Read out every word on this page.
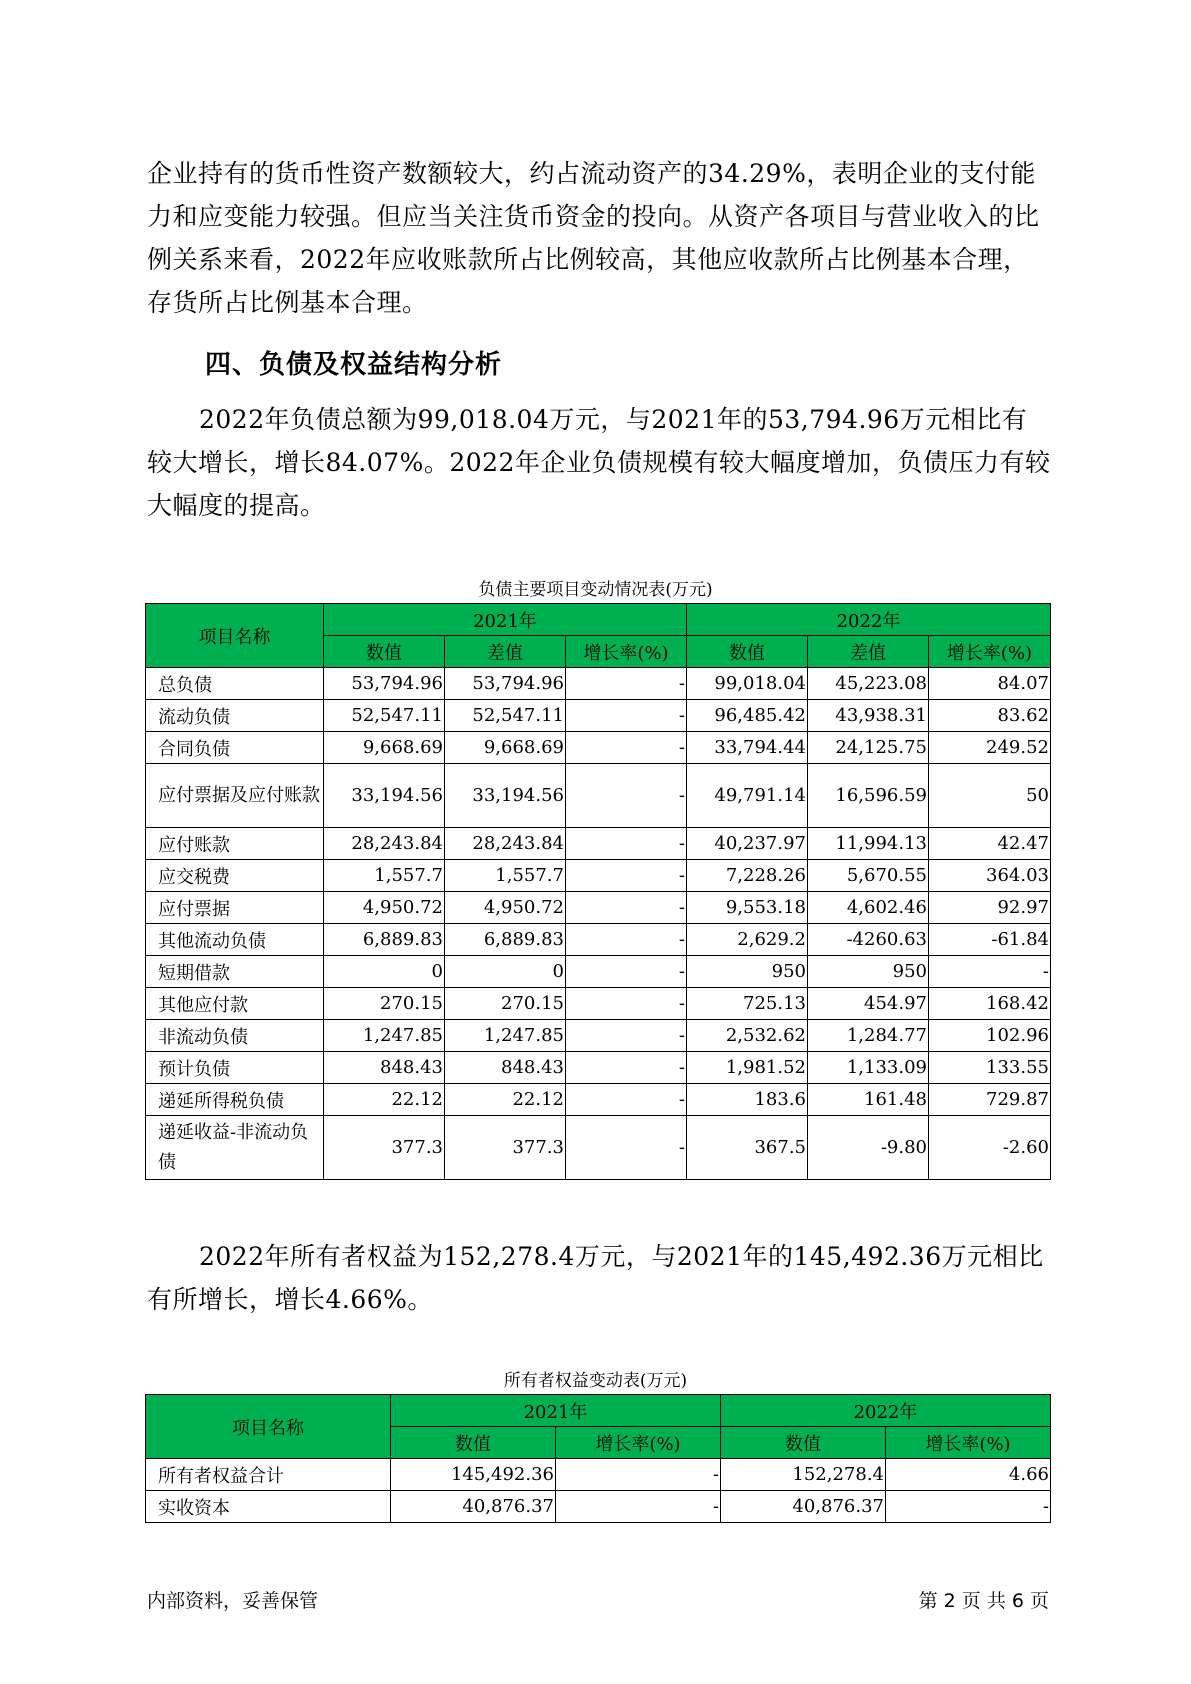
企业持有的货币性资产数额较大，约占流动资产的34.29%，表明企业的支付能力和应变能力较强。但应当关注货币资金的投向。从资产各项目与营业收入的比例关系来看，2022年应收账款所占比例较高，其他应收款所占比例基本合理，存货所占比例基本合理。
四、负债及权益结构分析
2022年负债总额为99,018.04万元，与2021年的53,794.96万元相比有较大增长，增长84.07%。2022年企业负债规模有较大幅度增加，负债压力有较大幅度的提高。
负债主要项目变动情况表(万元)
项目名称	2021年			2022年		
	数值	差值	增长率(%)	数值	差值	增长率(%)
总负债	53,794.96	53,794.96	-	99,018.04	45,223.08	84.07
流动负债	52,547.11	52,547.11	-	96,485.42	43,938.31	83.62
合同负债	9,668.69	9,668.69	-	33,794.44	24,125.75	249.52
应付票据及应付账款	33,194.56	33,194.56	-	49,791.14	16,596.59	50
应付账款	28,243.84	28,243.84	-	40,237.97	11,994.13	42.47
应交税费	1,557.7	1,557.7	-	7,228.26	5,670.55	364.03
应付票据	4,950.72	4,950.72	-	9,553.18	4,602.46	92.97
其他流动负债	6,889.83	6,889.83	-	2,629.2	-4260.63	-61.84
短期借款	0	0	-	950	950	-
其他应付款	270.15	270.15	-	725.13	454.97	168.42
非流动负债	1,247.85	1,247.85	-	2,532.62	1,284.77	102.96
预计负债	848.43	848.43	-	1,981.52	1,133.09	133.55
递延所得税负债	22.12	22.12	-	183.6	161.48	729.87
递延收益-非流动负债	377.3	377.3	-	367.5	-9.80	-2.60
2022年所有者权益为152,278.4万元，与2021年的145,492.36万元相比有所增长，增长4.66%。
所有者权益变动表(万元)
项目名称	2021年		2022年	
	数值	增长率(%)	数值	增长率(%)
所有者权益合计	145,492.36	-	152,278.4	4.66
实收资本	40,876.37	-	40,876.37	-
内部资料，妥善保管	第 2 页 共 6 页
